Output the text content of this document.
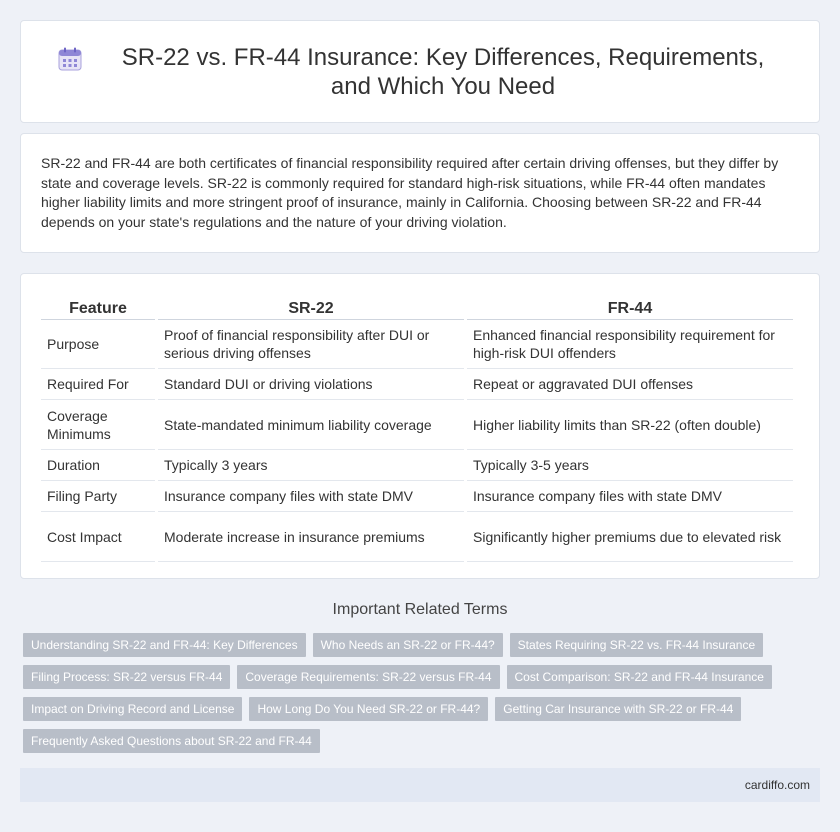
SR-22 vs. FR-44 Insurance: Key Differences, Requirements, and Which You Need

SR-22 and FR-44 are both certificates of financial responsibility required after certain driving offenses, but they differ by state and coverage levels. SR-22 is commonly required for standard high-risk situations, while FR-44 often mandates higher liability limits and more stringent proof of insurance, mainly in California. Choosing between SR-22 and FR-44 depends on your state's regulations and the nature of your driving violation.

Feature	SR-22	FR-44
Purpose	Proof of financial responsibility after DUI or serious driving offenses	Enhanced financial responsibility requirement for high-risk DUI offenders
Required For	Standard DUI or driving violations	Repeat or aggravated DUI offenses
Coverage Minimums	State-mandated minimum liability coverage	Higher liability limits than SR-22 (often double)
Duration	Typically 3 years	Typically 3-5 years
Filing Party	Insurance company files with state DMV	Insurance company files with state DMV
Cost Impact	Moderate increase in insurance premiums	Significantly higher premiums due to elevated risk
Important Related Terms
Understanding SR-22 and FR-44: Key Differences	Who Needs an SR-22 or FR-44?	States Requiring SR-22 vs. FR-44 Insurance
Filing Process: SR-22 versus FR-44	Coverage Requirements: SR-22 versus FR-44	Cost Comparison: SR-22 and FR-44 Insurance
Impact on Driving Record and License	How Long Do You Need SR-22 or FR-44?	Getting Car Insurance with SR-22 or FR-44
Frequently Asked Questions about SR-22 and FR-44
cardiffo.com
